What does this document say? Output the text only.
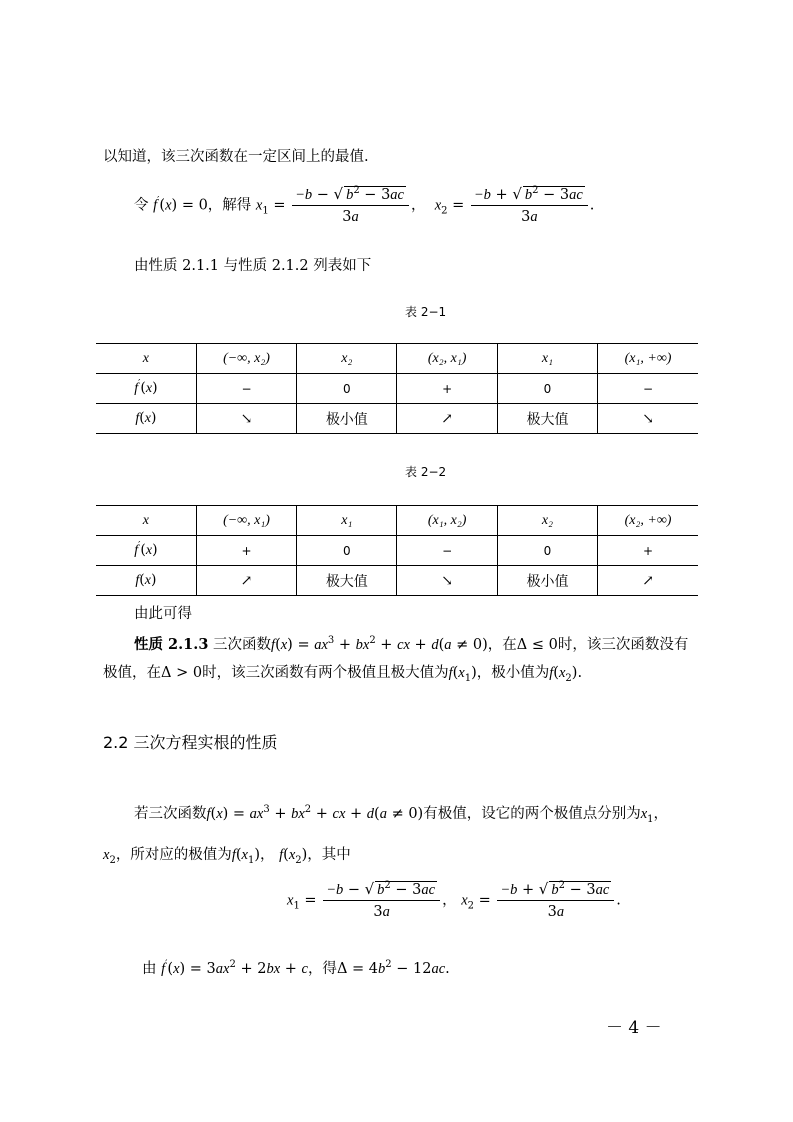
以知道，该三次函数在一定区间上的最值.
令 f′(x) = 0，解得 $x_1 = \frac{-b - √ b^2 - 3ac}{3a}$ ， $x_2 = \frac{-b + √ b^2 - 3ac}{3a}$ .
由性质 2.1.1 与性质 2.1.2 列表如下
表 2−1
x	(−∞, x₂)	x₂	(x₂, x₁)	x₁	(x₁, +∞)
f′(x)	−	0	+	0	−
f(x)	↘	极小值	↗	极大值	↘
表 2−2
x	(−∞, x₁)	x₁	(x₁, x₂)	x₂	(x₂, +∞)
f′(x)	+	0	−	0	+
f(x)	↗	极大值	↘	极小值	↗
由此可得
性质 2.1.3 三次函数$f(x) = ax^3 + bx^2$ + cx + d(a ≠ 0)，在Δ ≤ 0时，该三次函数没有
极值，在Δ > 0时，该三次函数有两个极值且极大值为$f(x_1)$，极小值为$f(x_2)$.
2.2 三次方程实根的性质
若三次函数$f(x) = ax^3 + bx^2$ + cx + d(a ≠ 0)有极值，设它的两个极值点分别为$x_1$，
$x_2$，所对应的极值为$f(x_1)$， $f(x_2)$，其中
$x_1 = \frac{-b - √ b^2 - 3ac}{3a}$ ， $x_2 = \frac{-b + √ b^2 - 3ac}{3a}$ .
由 $f'(x) = 3ax^2 + 2bx + c$，得$\Delta = 4b^2 - 12ac$.
－ 4 －
